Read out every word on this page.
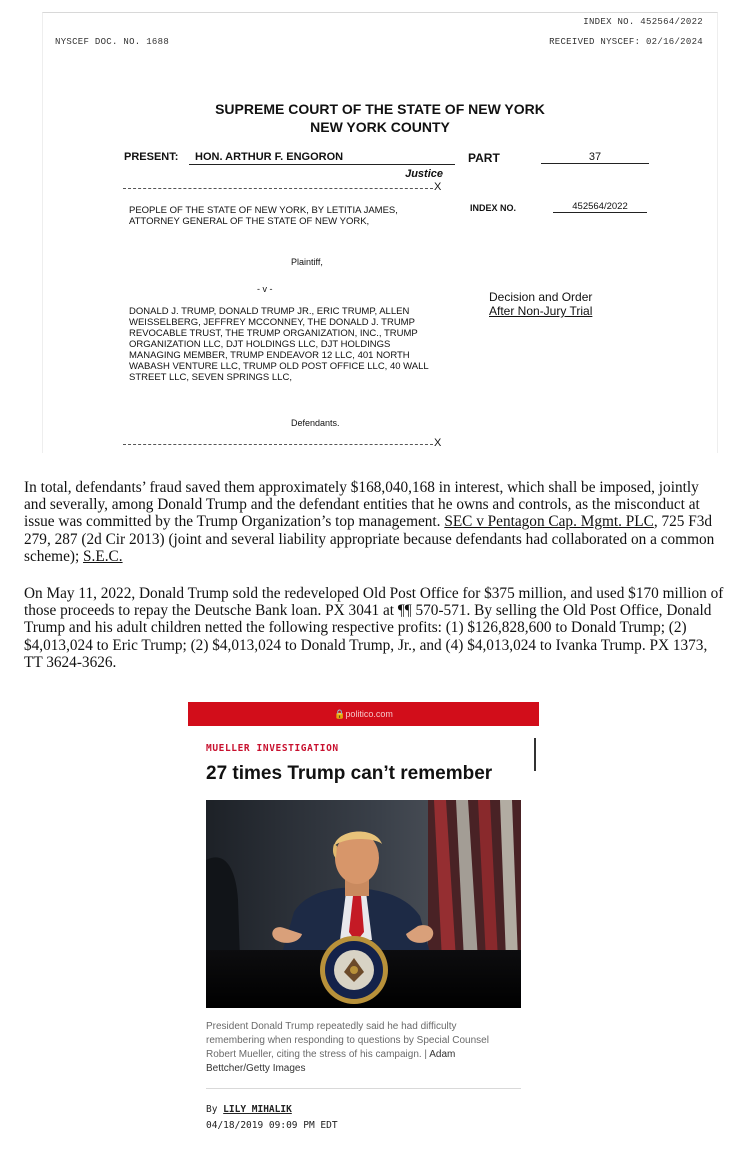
INDEX NO. 452564/2022
NYSCEF DOC. NO. 1688	RECEIVED NYSCEF: 02/16/2024
SUPREME COURT OF THE STATE OF NEW YORK
NEW YORK COUNTY
PRESENT:	HON. ARTHUR F. ENGORON	PART	37
Justice
X
PEOPLE OF THE STATE OF NEW YORK, BY LETITIA JAMES, ATTORNEY GENERAL OF THE STATE OF NEW YORK,
INDEX NO.	452564/2022
Plaintiff,
- v -
Decision and Order
After Non-Jury Trial
DONALD J. TRUMP, DONALD TRUMP JR., ERIC TRUMP, ALLEN WEISSELBERG, JEFFREY MCCONNEY, THE DONALD J. TRUMP REVOCABLE TRUST, THE TRUMP ORGANIZATION, INC., TRUMP ORGANIZATION LLC, DJT HOLDINGS LLC, DJT HOLDINGS MANAGING MEMBER, TRUMP ENDEAVOR 12 LLC, 401 NORTH WABASH VENTURE LLC, TRUMP OLD POST OFFICE LLC, 40 WALL STREET LLC, SEVEN SPRINGS LLC,
Defendants.
X
In total, defendants’ fraud saved them approximately $168,040,168 in interest, which shall be imposed, jointly and severally, among Donald Trump and the defendant entities that he owns and controls, as the misconduct at issue was committed by the Trump Organization’s top management. SEC v Pentagon Cap. Mgmt. PLC, 725 F3d 279, 287 (2d Cir 2013) (joint and several liability appropriate because defendants had collaborated on a common scheme); S.E.C.
On May 11, 2022, Donald Trump sold the redeveloped Old Post Office for $375 million, and used $170 million of those proceeds to repay the Deutsche Bank loan. PX 3041 at ¶¶ 570-571. By selling the Old Post Office, Donald Trump and his adult children netted the following respective profits: (1) $126,828,600 to Donald Trump; (2) $4,013,024 to Eric Trump; (2) $4,013,024 to Donald Trump, Jr., and (4) $4,013,024 to Ivanka Trump. PX 1373, TT 3624-3626.
🔒politico.com
MUELLER INVESTIGATION
27 times Trump can’t remember
President Donald Trump repeatedly said he had difficulty remembering when responding to questions by Special Counsel Robert Mueller, citing the stress of his campaign. | Adam Bettcher/Getty Images
By LILY MIHALIK
04/18/2019 09:09 PM EDT
